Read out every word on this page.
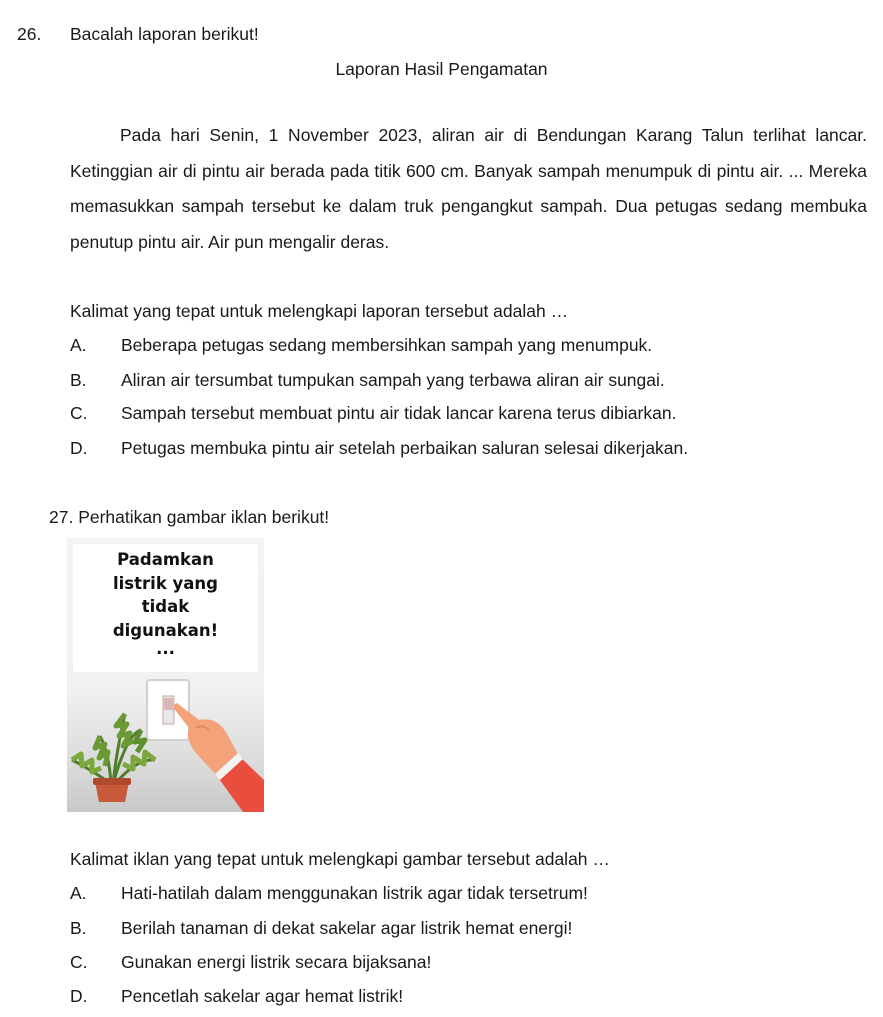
26. Bacalah laporan berikut!
Laporan Hasil Pengamatan

Pada hari Senin, 1 November 2023, aliran air di Bendungan Karang Talun terlihat lancar. Ketinggian air di pintu air berada pada titik 600 cm. Banyak sampah menumpuk di pintu air. ... Mereka memasukkan sampah tersebut ke dalam truk pengangkut sampah. Dua petugas sedang membuka penutup pintu air. Air pun mengalir deras.

Kalimat yang tepat untuk melengkapi laporan tersebut adalah …
A. Beberapa petugas sedang membersihkan sampah yang menumpuk.
B. Aliran air tersumbat tumpukan sampah yang terbawa aliran air sungai.
C. Sampah tersebut membuat pintu air tidak lancar karena terus dibiarkan.
D. Petugas membuka pintu air setelah perbaikan saluran selesai dikerjakan.
27. Perhatikan gambar iklan berikut!
Padamkan
listrik yang
tidak
digunakan!
...
Kalimat iklan yang tepat untuk melengkapi gambar tersebut adalah …
A. Hati-hatilah dalam menggunakan listrik agar tidak tersetrum!
B. Berilah tanaman di dekat sakelar agar listrik hemat energi!
C. Gunakan energi listrik secara bijaksana!
D. Pencetlah sakelar agar hemat listrik!
